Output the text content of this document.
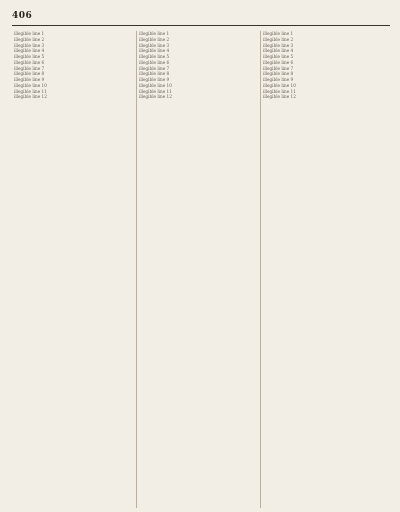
406
illegible line 1
illegible line 2
illegible line 3
illegible line 4
illegible line 5
illegible line 6
illegible line 7
illegible line 8
illegible line 9
illegible line 10
illegible line 11
illegible line 12
illegible line 1
illegible line 2
illegible line 3
illegible line 4
illegible line 5
illegible line 6
illegible line 7
illegible line 8
illegible line 9
illegible line 10
illegible line 11
illegible line 12
illegible line 1
illegible line 2
illegible line 3
illegible line 4
illegible line 5
illegible line 6
illegible line 7
illegible line 8
illegible line 9
illegible line 10
illegible line 11
illegible line 12
